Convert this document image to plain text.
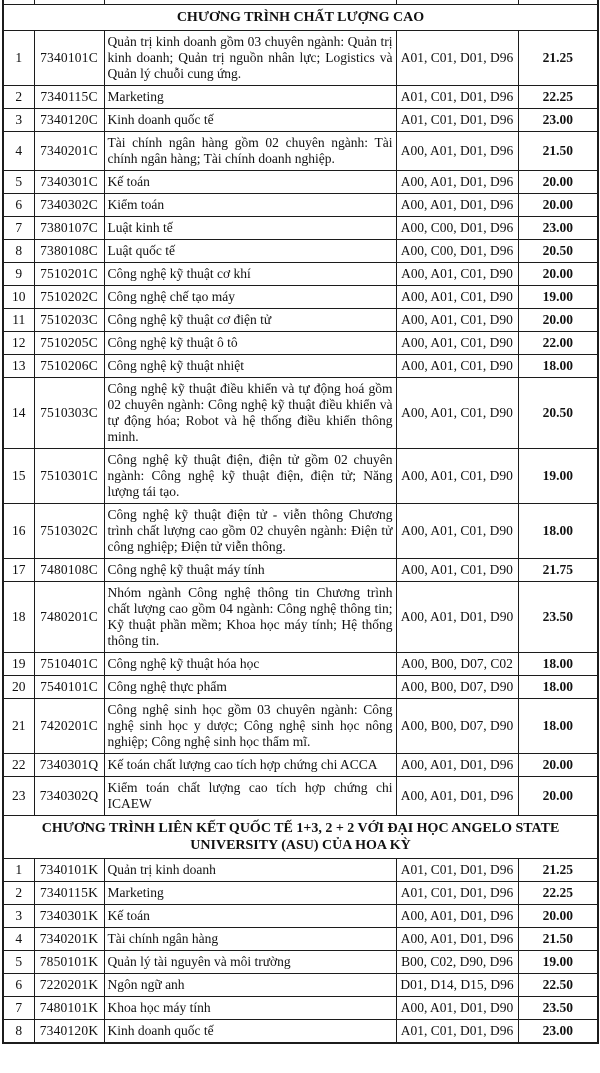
CHƯƠNG TRÌNH CHẤT LƯỢNG CAO				
1	7340101C	Quản trị kinh doanh gồm 03 chuyên ngành: Quản trị kinh doanh; Quản trị nguồn nhân lực; Logistics và Quản lý chuỗi cung ứng.	A01, C01, D01, D96	21.25
2	7340115C	Marketing	A01, C01, D01, D96	22.25
3	7340120C	Kinh doanh quốc tế	A01, C01, D01, D96	23.00
4	7340201C	Tài chính ngân hàng gồm 02 chuyên ngành: Tài chính ngân hàng; Tài chính doanh nghiệp.	A00, A01, D01, D96	21.50
5	7340301C	Kế toán	A00, A01, D01, D96	20.00
6	7340302C	Kiểm toán	A00, A01, D01, D96	20.00
7	7380107C	Luật kinh tế	A00, C00, D01, D96	23.00
8	7380108C	Luật quốc tế	A00, C00, D01, D96	20.50
9	7510201C	Công nghệ kỹ thuật cơ khí	A00, A01, C01, D90	20.00
10	7510202C	Công nghệ chế tạo máy	A00, A01, C01, D90	19.00
11	7510203C	Công nghệ kỹ thuật cơ điện tử	A00, A01, C01, D90	20.00
12	7510205C	Công nghệ kỹ thuật ô tô	A00, A01, C01, D90	22.00
13	7510206C	Công nghệ kỹ thuật nhiệt	A00, A01, C01, D90	18.00
14	7510303C	Công nghệ kỹ thuật điều khiển và tự động hoá gồm 02 chuyên ngành: Công nghệ kỹ thuật điều khiển và tự động hóa; Robot và hệ thống điều khiển thông minh.	A00, A01, C01, D90	20.50
15	7510301C	Công nghệ kỹ thuật điện, điện tử gồm 02 chuyên ngành: Công nghệ kỹ thuật điện, điện tử; Năng lượng tái tạo.	A00, A01, C01, D90	19.00
16	7510302C	Công nghệ kỹ thuật điện tử - viễn thông Chương trình chất lượng cao gồm 02 chuyên ngành: Điện tử công nghiệp; Điện tử viễn thông.	A00, A01, C01, D90	18.00
17	7480108C	Công nghệ kỹ thuật máy tính	A00, A01, C01, D90	21.75
18	7480201C	Nhóm ngành Công nghệ thông tin Chương trình chất lượng cao gồm 04 ngành: Công nghệ thông tin; Kỹ thuật phần mềm; Khoa học máy tính; Hệ thống thông tin.	A00, A01, D01, D90	23.50
19	7510401C	Công nghệ kỹ thuật hóa học	A00, B00, D07, C02	18.00
20	7540101C	Công nghệ thực phẩm	A00, B00, D07, D90	18.00
21	7420201C	Công nghệ sinh học gồm 03 chuyên ngành: Công nghệ sinh học y dược; Công nghệ sinh học nông nghiệp; Công nghệ sinh học thẩm mĩ.	A00, B00, D07, D90	18.00
22	7340301Q	Kế toán chất lượng cao tích hợp chứng chi ACCA	A00, A01, D01, D96	20.00
23	7340302Q	Kiểm toán chất lượng cao tích hợp chứng chi ICAEW	A00, A01, D01, D96	20.00
CHƯƠNG TRÌNH LIÊN KẾT QUỐC TẾ 1+3, 2 + 2 VỚI ĐẠI HỌC ANGELO STATE UNIVERSITY (ASU) CỦA HOA KỲ				
1	7340101K	Quản trị kinh doanh	A01, C01, D01, D96	21.25
2	7340115K	Marketing	A01, C01, D01, D96	22.25
3	7340301K	Kế toán	A00, A01, D01, D96	20.00
4	7340201K	Tài chính ngân hàng	A00, A01, D01, D96	21.50
5	7850101K	Quản lý tài nguyên và môi trường	B00, C02, D90, D96	19.00
6	7220201K	Ngôn ngữ anh	D01, D14, D15, D96	22.50
7	7480101K	Khoa học máy tính	A00, A01, D01, D90	23.50
8	7340120K	Kinh doanh quốc tế	A01, C01, D01, D96	23.00
